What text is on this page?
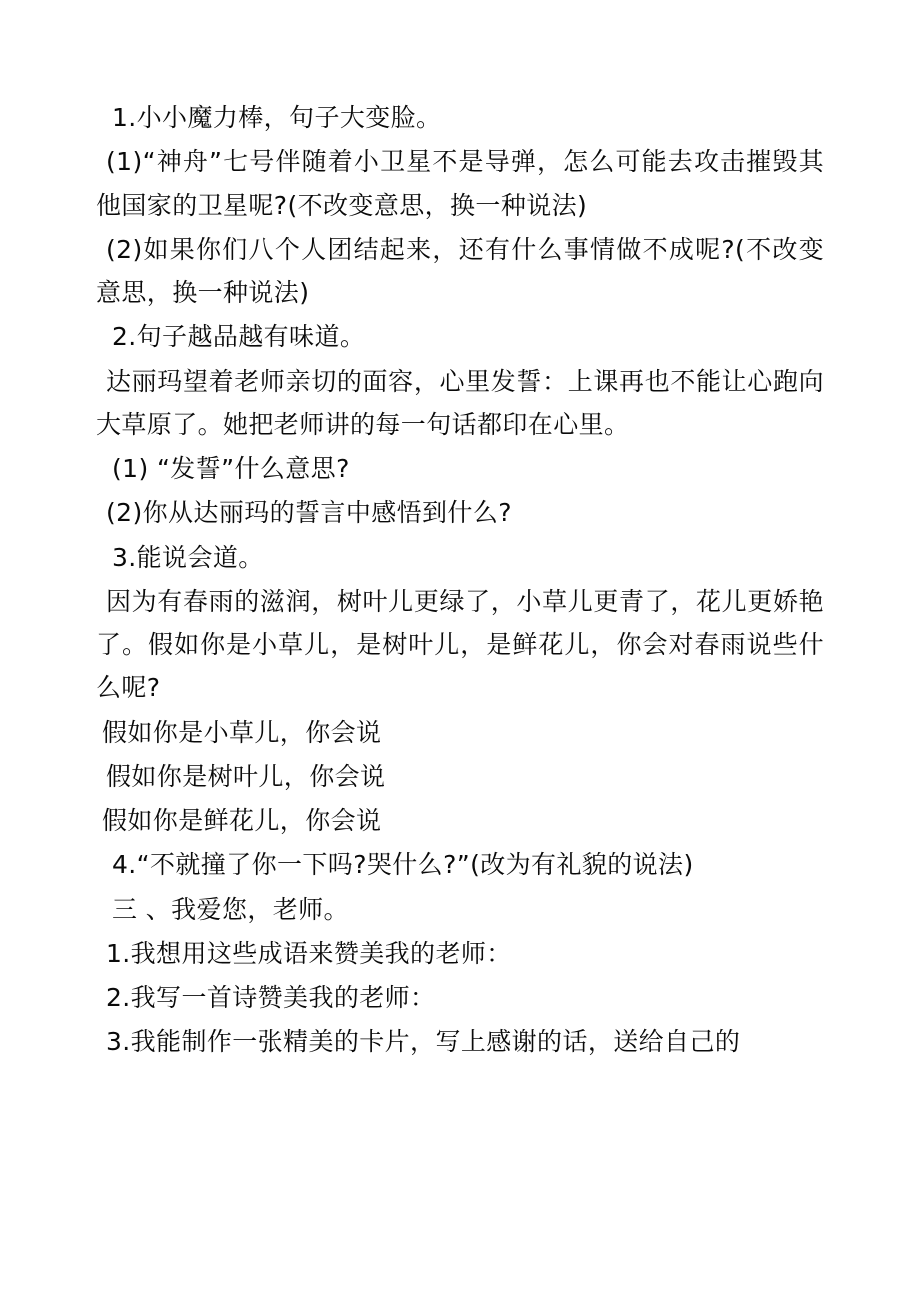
1.小小魔力棒，句子大变脸。

(1)“神舟”七号伴随着小卫星不是导弹，怎么可能去攻击摧毁其他国家的卫星呢?(不改变意思，换一种说法)

(2)如果你们八个人团结起来，还有什么事情做不成呢?(不改变意思，换一种说法)

2.句子越品越有味道。

达丽玛望着老师亲切的面容，心里发誓：上课再也不能让心跑向大草原了。她把老师讲的每一句话都印在心里。

(1) “发誓”什么意思?

(2)你从达丽玛的誓言中感悟到什么?

3.能说会道。

因为有春雨的滋润，树叶儿更绿了，小草儿更青了，花儿更娇艳了。假如你是小草儿，是树叶儿，是鲜花儿，你会对春雨说些什么呢?

假如你是小草儿，你会说

假如你是树叶儿，你会说

假如你是鲜花儿，你会说

4.“不就撞了你一下吗?哭什么?”(改为有礼貌的说法)

三 、我爱您，老师。

1.我想用这些成语来赞美我的老师：

2.我写一首诗赞美我的老师：

3.我能制作一张精美的卡片，写上感谢的话，送给自己的
